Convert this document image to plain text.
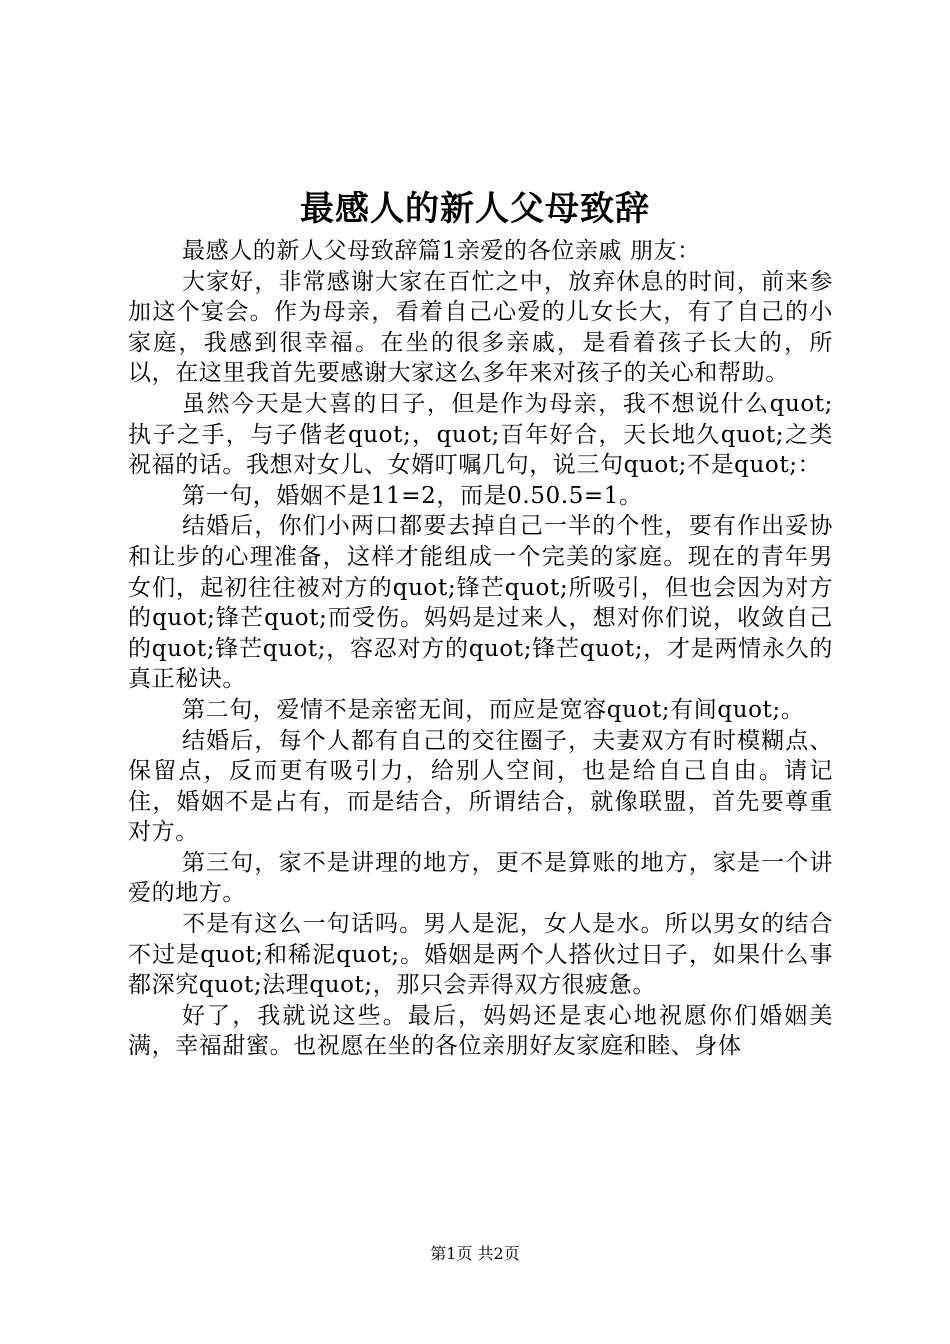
最感人的新人父母致辞

最感人的新人父母致辞篇1亲爱的各位亲戚 朋友：

大家好，非常感谢大家在百忙之中，放弃休息的时间，前来参加这个宴会。作为母亲，看着自己心爱的儿女长大，有了自己的小家庭，我感到很幸福。在坐的很多亲戚，是看着孩子长大的，所以，在这里我首先要感谢大家这么多年来对孩子的关心和帮助。

虽然今天是大喜的日子，但是作为母亲，我不想说什么quot;执子之手，与子偕老quot;，quot;百年好合，天长地久quot;之类祝福的话。我想对女儿、女婿叮嘱几句，说三句quot;不是quot;：

第一句，婚姻不是11=2，而是0.50.5=1。

结婚后，你们小两口都要去掉自己一半的个性，要有作出妥协和让步的心理准备，这样才能组成一个完美的家庭。现在的青年男女们，起初往往被对方的quot;锋芒quot;所吸引，但也会因为对方的quot;锋芒quot;而受伤。妈妈是过来人，想对你们说，收敛自己的quot;锋芒quot;，容忍对方的quot;锋芒quot;，才是两情永久的真正秘诀。

第二句，爱情不是亲密无间，而应是宽容quot;有间quot;。

结婚后，每个人都有自己的交往圈子，夫妻双方有时模糊点、保留点，反而更有吸引力，给别人空间，也是给自己自由。请记住，婚姻不是占有，而是结合，所谓结合，就像联盟，首先要尊重对方。

第三句，家不是讲理的地方，更不是算账的地方，家是一个讲爱的地方。

不是有这么一句话吗。男人是泥，女人是水。所以男女的结合不过是quot;和稀泥quot;。婚姻是两个人搭伙过日子，如果什么事都深究quot;法理quot;，那只会弄得双方很疲惫。

好了，我就说这些。最后，妈妈还是衷心地祝愿你们婚姻美满，幸福甜蜜。也祝愿在坐的各位亲朋好友家庭和睦、身体

第1页 共2页
